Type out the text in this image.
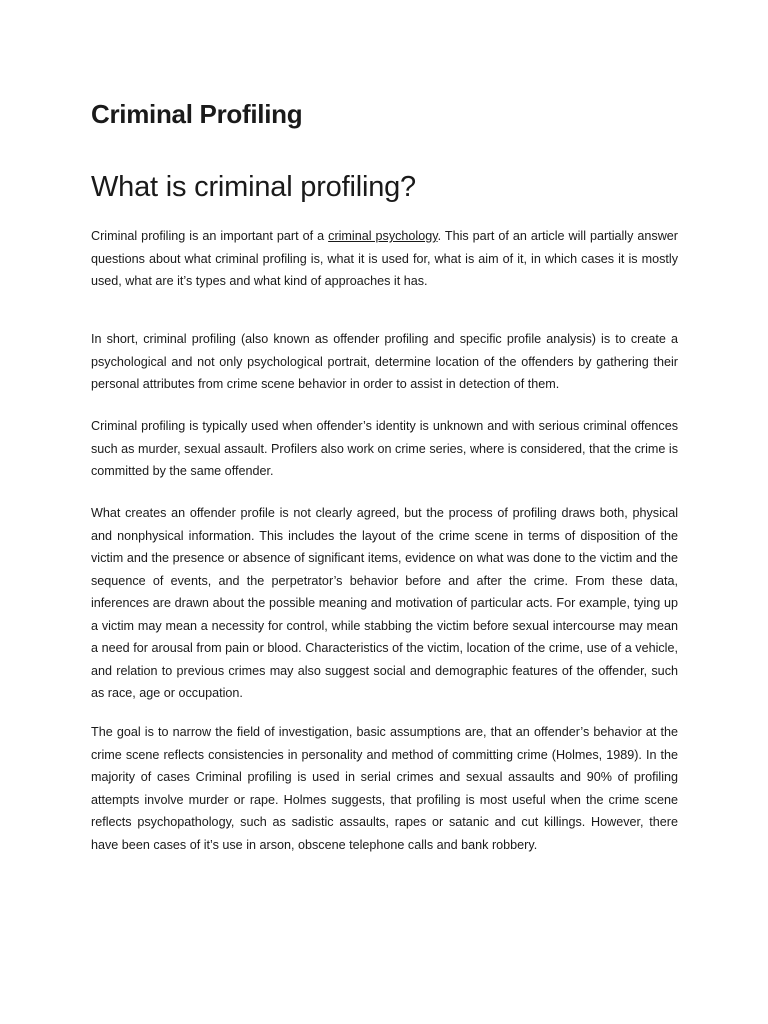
Criminal Profiling
What is criminal profiling?

Criminal profiling is an important part of a criminal psychology. This part of an article will partially answer questions about what criminal profiling is, what it is used for, what is aim of it, in which cases it is mostly used, what are it’s types and what kind of approaches it has.

In short, criminal profiling (also known as offender profiling and specific profile analysis) is to create a psychological and not only psychological portrait, determine location of the offenders by gathering their personal attributes from crime scene behavior in order to assist in detection of them.

Criminal profiling is typically used when offender’s identity is unknown and with serious criminal offences such as murder, sexual assault. Profilers also work on crime series, where is considered, that the crime is committed by the same offender.

What creates an offender profile is not clearly agreed, but the process of profiling draws both, physical and nonphysical information. This includes the layout of the crime scene in terms of disposition of the victim and the presence or absence of significant items, evidence on what was done to the victim and the sequence of events, and the perpetrator’s behavior before and after the crime. From these data, inferences are drawn about the possible meaning and motivation of particular acts. For example, tying up a victim may mean a necessity for control, while stabbing the victim before sexual intercourse may mean a need for arousal from pain or blood. Characteristics of the victim, location of the crime, use of a vehicle, and relation to previous crimes may also suggest social and demographic features of the offender, such as race, age or occupation.

The goal is to narrow the field of investigation, basic assumptions are, that an offender’s behavior at the crime scene reflects consistencies in personality and method of committing crime (Holmes, 1989). In the majority of cases Criminal profiling is used in serial crimes and sexual assaults and 90% of profiling attempts involve murder or rape. Holmes suggests, that profiling is most useful when the crime scene reflects psychopathology, such as sadistic assaults, rapes or satanic and cut killings. However, there have been cases of it’s use in arson, obscene telephone calls and bank robbery.
